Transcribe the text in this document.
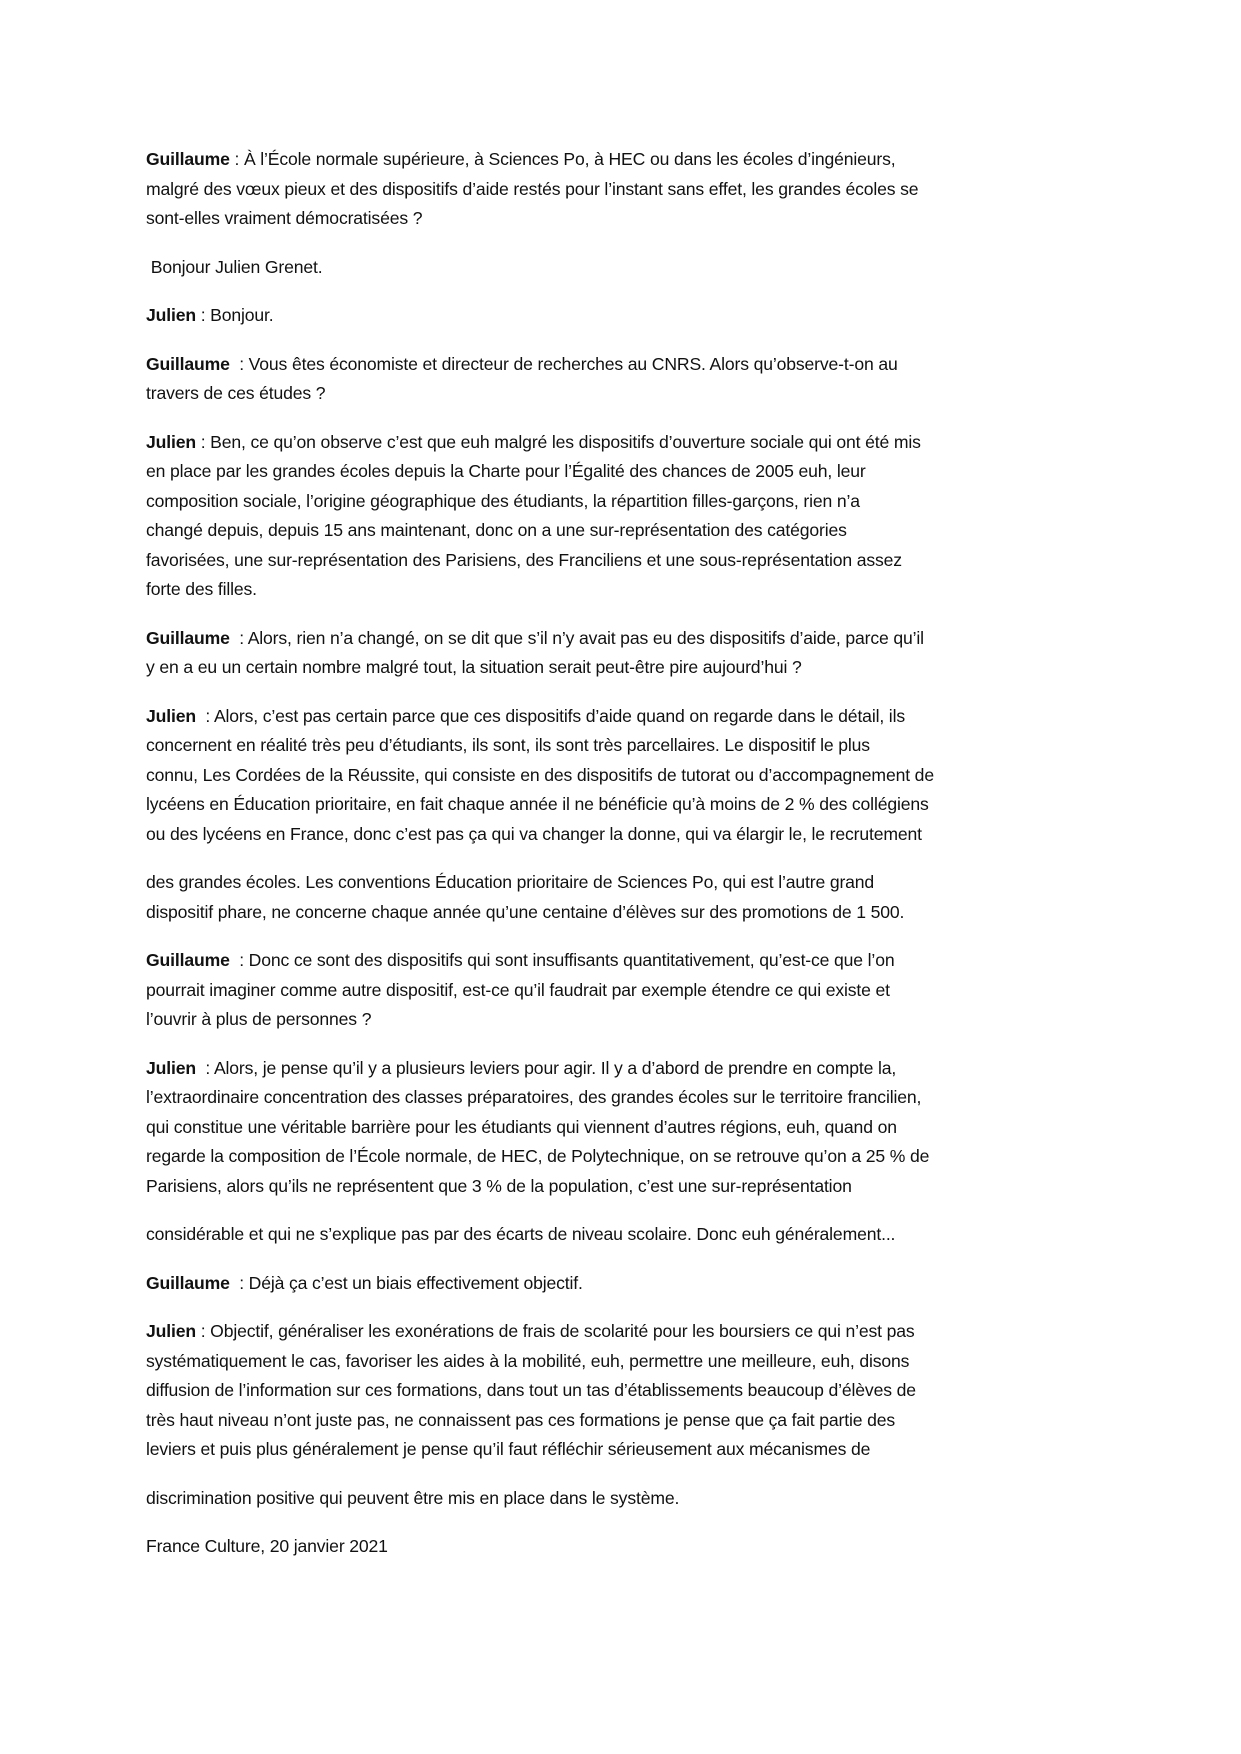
Guillaume : À l’École normale supérieure, à Sciences Po, à HEC ou dans les écoles d’ingénieurs,
malgré des vœux pieux et des dispositifs d’aide restés pour l’instant sans effet, les grandes écoles se
sont-elles vraiment démocratisées ?

Bonjour Julien Grenet.

Julien : Bonjour.

Guillaume  : Vous êtes économiste et directeur de recherches au CNRS. Alors qu’observe-t-on au
travers de ces études ?

Julien : Ben, ce qu’on observe c’est que euh malgré les dispositifs d’ouverture sociale qui ont été mis
en place par les grandes écoles depuis la Charte pour l’Égalité des chances de 2005 euh, leur
composition sociale, l’origine géographique des étudiants, la répartition filles-garçons, rien n’a
changé depuis, depuis 15 ans maintenant, donc on a une sur-représentation des catégories
favorisées, une sur-représentation des Parisiens, des Franciliens et une sous-représentation assez
forte des filles.

Guillaume  : Alors, rien n’a changé, on se dit que s’il n’y avait pas eu des dispositifs d’aide, parce qu’il
y en a eu un certain nombre malgré tout, la situation serait peut-être pire aujourd’hui ?

Julien  : Alors, c’est pas certain parce que ces dispositifs d’aide quand on regarde dans le détail, ils
concernent en réalité très peu d’étudiants, ils sont, ils sont très parcellaires. Le dispositif le plus
connu, Les Cordées de la Réussite, qui consiste en des dispositifs de tutorat ou d’accompagnement de
lycéens en Éducation prioritaire, en fait chaque année il ne bénéficie qu’à moins de 2 % des collégiens
ou des lycéens en France, donc c’est pas ça qui va changer la donne, qui va élargir le, le recrutement

des grandes écoles. Les conventions Éducation prioritaire de Sciences Po, qui est l’autre grand
dispositif phare, ne concerne chaque année qu’une centaine d’élèves sur des promotions de 1 500.

Guillaume  : Donc ce sont des dispositifs qui sont insuffisants quantitativement, qu’est-ce que l’on
pourrait imaginer comme autre dispositif, est-ce qu’il faudrait par exemple étendre ce qui existe et
l’ouvrir à plus de personnes ?

Julien  : Alors, je pense qu’il y a plusieurs leviers pour agir. Il y a d’abord de prendre en compte la,
l’extraordinaire concentration des classes préparatoires, des grandes écoles sur le territoire francilien,
qui constitue une véritable barrière pour les étudiants qui viennent d’autres régions, euh, quand on
regarde la composition de l’École normale, de HEC, de Polytechnique, on se retrouve qu’on a 25 % de
Parisiens, alors qu’ils ne représentent que 3 % de la population, c’est une sur-représentation

considérable et qui ne s’explique pas par des écarts de niveau scolaire. Donc euh généralement...

Guillaume  : Déjà ça c’est un biais effectivement objectif.

Julien : Objectif, généraliser les exonérations de frais de scolarité pour les boursiers ce qui n’est pas
systématiquement le cas, favoriser les aides à la mobilité, euh, permettre une meilleure, euh, disons
diffusion de l’information sur ces formations, dans tout un tas d’établissements beaucoup d’élèves de
très haut niveau n’ont juste pas, ne connaissent pas ces formations je pense que ça fait partie des
leviers et puis plus généralement je pense qu’il faut réfléchir sérieusement aux mécanismes de

discrimination positive qui peuvent être mis en place dans le système.

France Culture, 20 janvier 2021
